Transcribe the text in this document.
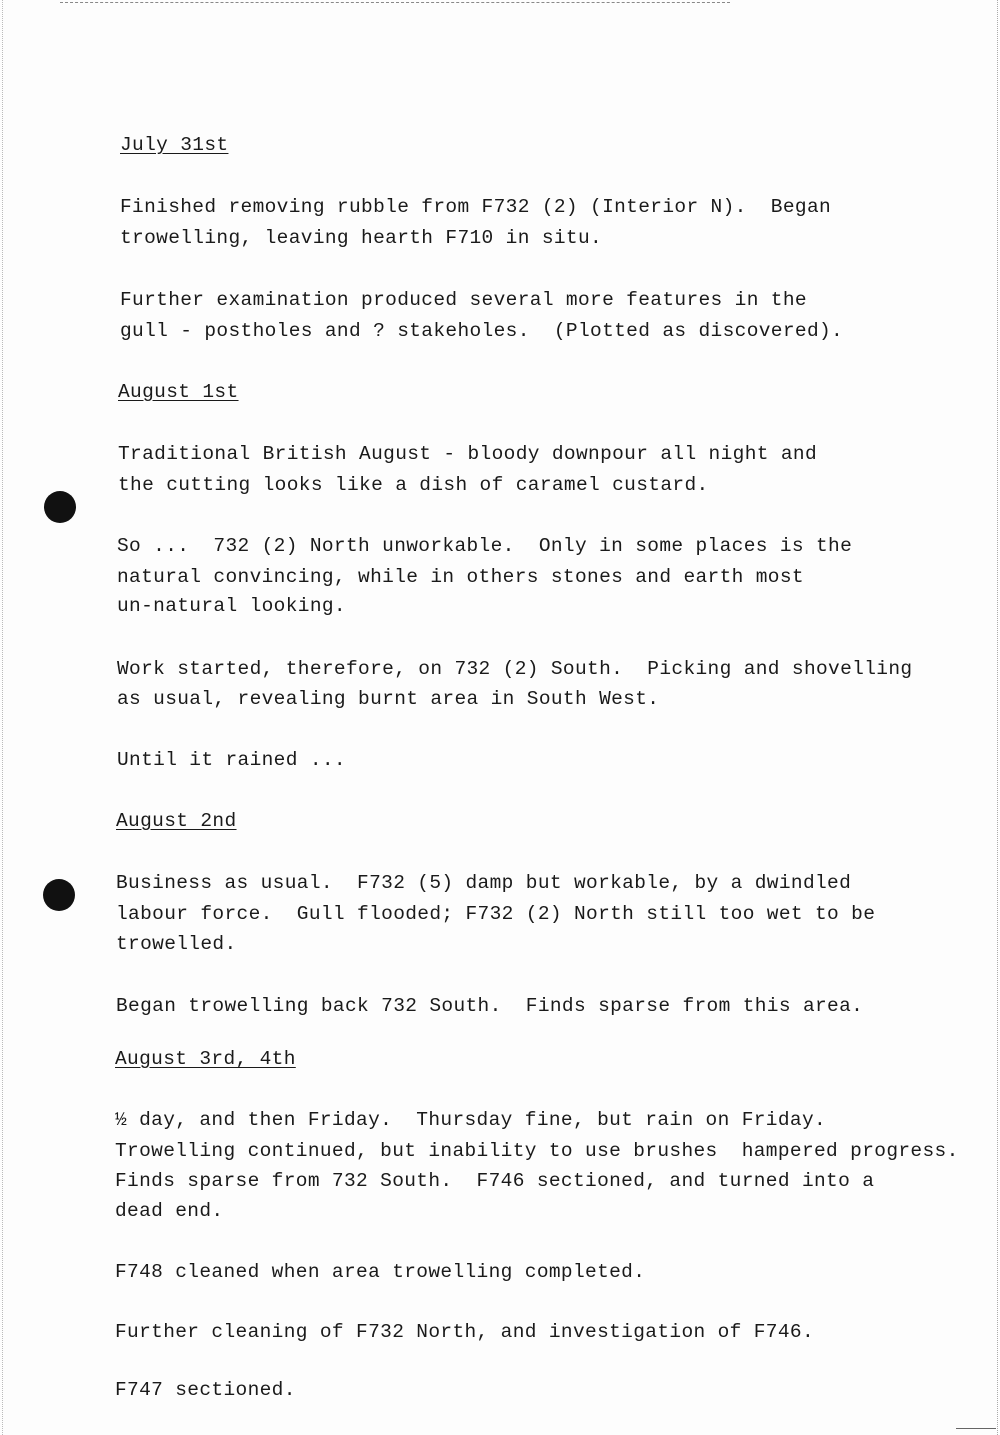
July 31st
Finished removing rubble from F732 (2) (Interior N).  Began
trowelling, leaving hearth F710 in situ.
Further examination produced several more features in the
gull - postholes and ? stakeholes.  (Plotted as discovered).
August 1st
Traditional British August - bloody downpour all night and
the cutting looks like a dish of caramel custard.
So ...  732 (2) North unworkable.  Only in some places is the
natural convincing, while in others stones and earth most
un-natural looking.
Work started, therefore, on 732 (2) South.  Picking and shovelling
as usual, revealing burnt area in South West.
Until it rained ...
August 2nd
Business as usual.  F732 (5) damp but workable, by a dwindled
labour force.  Gull flooded; F732 (2) North still too wet to be
trowelled.
Began trowelling back 732 South.  Finds sparse from this area.
August 3rd, 4th
½ day, and then Friday.  Thursday fine, but rain on Friday.
Trowelling continued, but inability to use brushes  hampered progress.
Finds sparse from 732 South.  F746 sectioned, and turned into a
dead end.
F748 cleaned when area trowelling completed.
Further cleaning of F732 North, and investigation of F746.
F747 sectioned.
